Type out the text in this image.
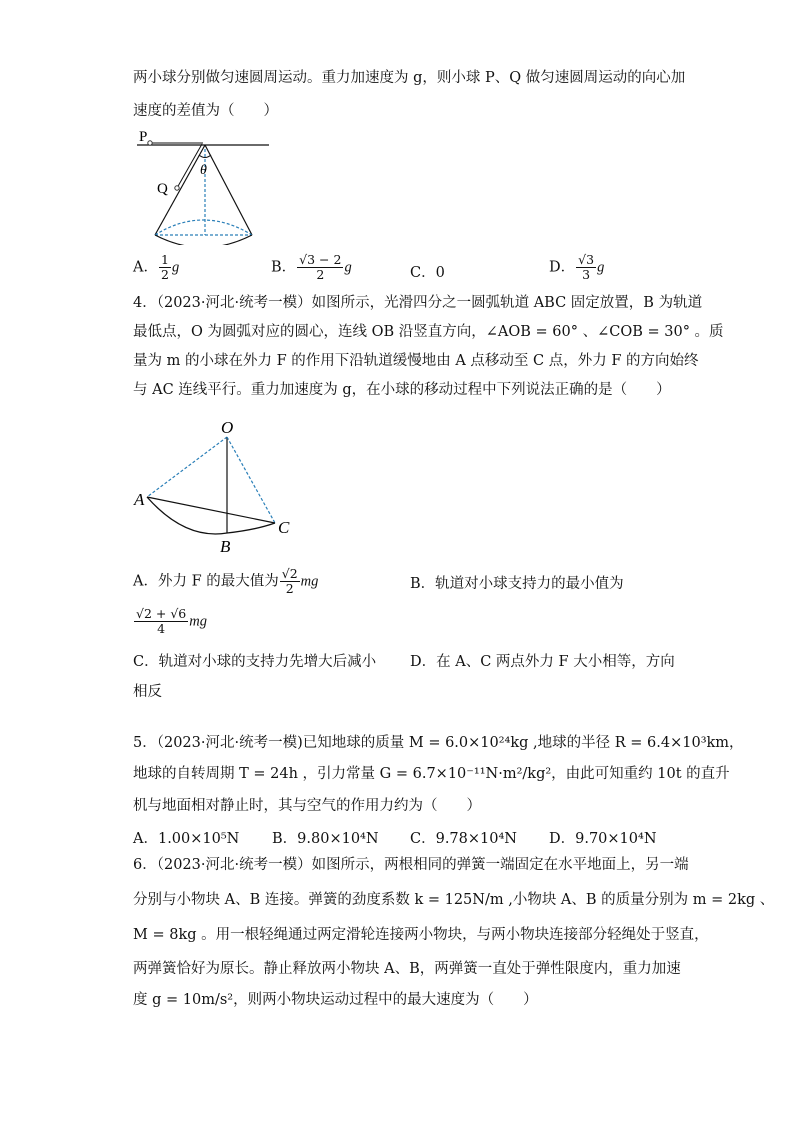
两小球分别做匀速圆周运动。重力加速度为 g，则小球 P、Q 做匀速圆周运动的向心加
速度的差值为（　　）
P
Q
θ
A． $\frac{1}{2}$ g	B． $\frac{√3 - 2}{2}$ g	C．0	D． $\frac{√3}{3}$ g
4．（2023·河北·统考一模）如图所示，光滑四分之一圆弧轨道 ABC 固定放置，B 为轨道
最低点，O 为圆弧对应的圆心，连线 OB 沿竖直方向，∠AOB = 60° 、∠COB = 30° 。质
量为 m 的小球在外力 F 的作用下沿轨道缓慢地由 A 点移动至 C 点，外力 F 的方向始终
与 AC 连线平行。重力加速度为 g，在小球的移动过程中下列说法正确的是（　　）
O
A
B
C
A．外力 F 的最大值为 $\frac{√2}{2}$ mg	B．轨道对小球支持力的最小值为
$\frac{√2 + √6}{4}$ mg
C．轨道对小球的支持力先增大后减小 D．在 A、C 两点外力 F 大小相等，方向
相反
5．（2023·河北·统考一模)已知地球的质量 M = 6.0×10²⁴kg ,地球的半径 R = 6.4×10³km，
地球的自转周期 T = 24h ，引力常量 G = 6.7×10⁻¹¹N·m²/kg²，由此可知重约 10t 的直升
机与地面相对静止时，其与空气的作用力约为（　　）
A．1.00×10⁵N B．9.80×10⁴N C．9.78×10⁴N D．9.70×10⁴N
6．（2023·河北·统考一模）如图所示，两根相同的弹簧一端固定在水平地面上，另一端
分别与小物块 A、B 连接。弹簧的劲度系数 k = 125N/m ,小物块 A、B 的质量分别为 m = 2kg 、
M = 8kg 。用一根轻绳通过两定滑轮连接两小物块，与两小物块连接部分轻绳处于竖直，
两弹簧恰好为原长。静止释放两小物块 A、B，两弹簧一直处于弹性限度内，重力加速
度 g = 10m/s²，则两小物块运动过程中的最大速度为（　　）
